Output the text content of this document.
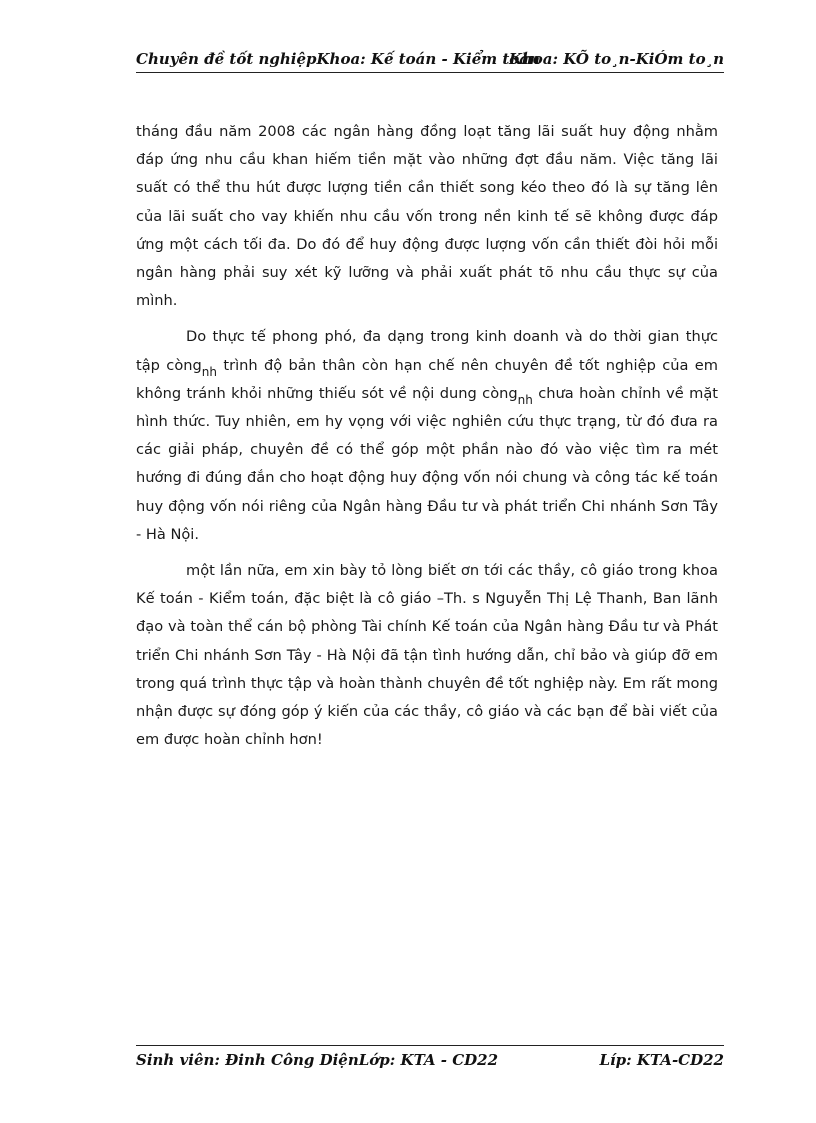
Chuyên đề tốt nghiệpKhoa: Kế toán - Kiểm toán
Khoa: KÕ to¸n-KiÓm to¸n

tháng đầu năm 2008 các ngân hàng đồng loạt tăng lãi suất huy động nhằm đáp ứng nhu cầu khan hiếm tiền mặt vào những đợt đầu năm. Việc tăng lãi suất có thể thu hút được lượng tiền cần thiết song kéo theo đó là sự tăng lên của lãi suất cho vay khiến nhu cầu vốn trong nền kinh tế sẽ không được đáp ứng một cách tối đa. Do đó để huy động được lượng vốn cần thiết đòi hỏi mỗi ngân hàng phải suy xét kỹ lưỡng và phải xuất phát tõ nhu cầu thực sự của mình.

Do thực tế phong phó, đa dạng trong kinh doanh và do thời gian thực tập còng$_{nh}$ trình độ bản thân còn hạn chế nên chuyên đề tốt nghiệp của em không tránh khỏi những thiếu sót về nội dung còng$_{nh}$ chưa hoàn chỉnh về mặt hình thức. Tuy nhiên, em hy vọng với việc nghiên cứu thực trạng, từ đó đưa ra các giải pháp, chuyên đề có thể góp một phần nào đó vào việc tìm ra mét hướng đi đúng đắn cho hoạt động huy động vốn nói chung và công tác kế toán huy động vốn nói riêng của Ngân hàng Đầu tư và phát triển Chi nhánh Sơn Tây - Hà Nội.

một lần nữa, em xin bày tỏ lòng biết ơn tới các thầy, cô giáo trong khoa Kế toán - Kiểm toán, đặc biệt là cô giáo –Th. s Nguyễn Thị Lệ Thanh, Ban lãnh đạo và toàn thể cán bộ phòng Tài chính Kế toán của Ngân hàng Đầu tư và Phát triển Chi nhánh Sơn Tây - Hà Nội đã tận tình hướng dẫn, chỉ bảo và giúp đỡ em trong quá trình thực tập và hoàn thành chuyên đề tốt nghiệp này. Em rất mong nhận được sự đóng góp ý kiến của các thầy, cô giáo và các bạn để bài viết của em được hoàn chỉnh hơn!

Sinh viên: Đinh Công DiệnLớp: KTA - CD22	Líp: KTA-CD22
